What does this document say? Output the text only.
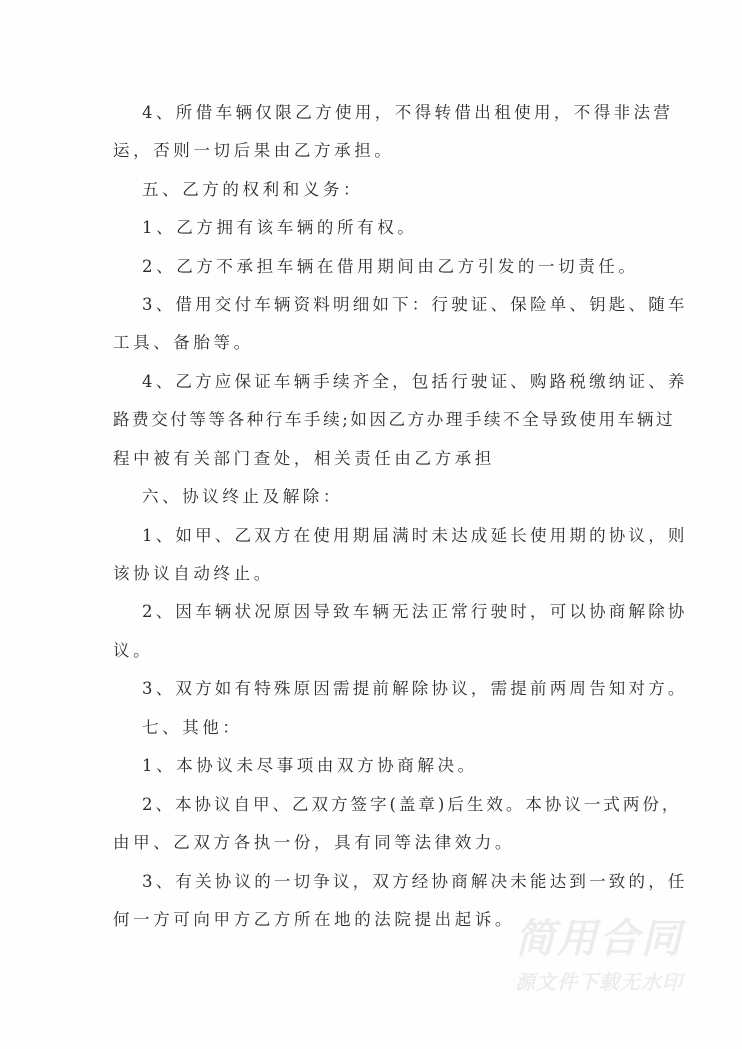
4、所借车辆仅限乙方使用，不得转借出租使用，不得非法营
运，否则一切后果由乙方承担。
五、乙方的权利和义务：
1、乙方拥有该车辆的所有权。
2、乙方不承担车辆在借用期间由乙方引发的一切责任。
3、借用交付车辆资料明细如下：行驶证、保险单、钥匙、随车
工具、备胎等。
4、乙方应保证车辆手续齐全，包括行驶证、购路税缴纳证、养
路费交付等等各种行车手续;如因乙方办理手续不全导致使用车辆过
程中被有关部门查处，相关责任由乙方承担
六、协议终止及解除：
1、如甲、乙双方在使用期届满时未达成延长使用期的协议，则
该协议自动终止。
2、因车辆状况原因导致车辆无法正常行驶时，可以协商解除协
议。
3、双方如有特殊原因需提前解除协议，需提前两周告知对方。
七、其他：
1、本协议未尽事项由双方协商解决。
2、本协议自甲、乙双方签字(盖章)后生效。本协议一式两份，
由甲、乙双方各执一份，具有同等法律效力。
3、有关协议的一切争议，双方经协商解决未能达到一致的，任
何一方可向甲方乙方所在地的法院提出起诉。 简用合同
源文件下载无水印
